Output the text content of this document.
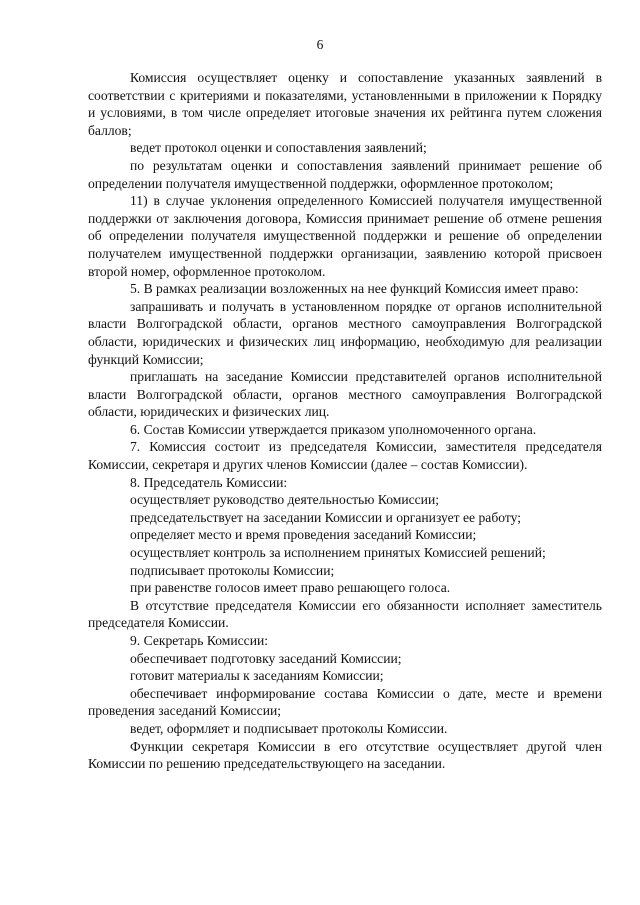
6

Комиссия осуществляет оценку и сопоставление указанных заявлений в соответствии с критериями и показателями, установленными в приложении к Порядку и условиями, в том числе определяет итоговые значения их рейтинга путем сложения баллов;

ведет протокол оценки и сопоставления заявлений;

по результатам оценки и сопоставления заявлений принимает решение об определении получателя имущественной поддержки, оформленное протоколом;

11) в случае уклонения определенного Комиссией получателя имущественной поддержки от заключения договора, Комиссия принимает решение об отмене решения об определении получателя имущественной поддержки и решение об определении получателем имущественной поддержки организации, заявлению которой присвоен второй номер, оформленное протоколом.

5. В рамках реализации возложенных на нее функций Комиссия имеет право:

запрашивать и получать в установленном порядке от органов исполнительной власти Волгоградской области, органов местного самоуправления Волгоградской области, юридических и физических лиц информацию, необходимую для реализации функций Комиссии;

приглашать на заседание Комиссии представителей органов исполнительной власти Волгоградской области, органов местного самоуправления Волгоградской области, юридических и физических лиц.

6. Состав Комиссии утверждается приказом уполномоченного органа.

7. Комиссия состоит из председателя Комиссии, заместителя председателя Комиссии, секретаря и других членов Комиссии (далее – состав Комиссии).

8. Председатель Комиссии:

осуществляет руководство деятельностью Комиссии;

председательствует на заседании Комиссии и организует ее работу;

определяет место и время проведения заседаний Комиссии;

осуществляет контроль за исполнением принятых Комиссией решений;

подписывает протоколы Комиссии;

при равенстве голосов имеет право решающего голоса.

В отсутствие председателя Комиссии его обязанности исполняет заместитель председателя Комиссии.

9. Секретарь Комиссии:

обеспечивает подготовку заседаний Комиссии;

готовит материалы к заседаниям Комиссии;

обеспечивает информирование состава Комиссии о дате, месте и времени проведения заседаний Комиссии;

ведет, оформляет и подписывает протоколы Комиссии.

Функции секретаря Комиссии в его отсутствие осуществляет другой член Комиссии по решению председательствующего на заседании.
